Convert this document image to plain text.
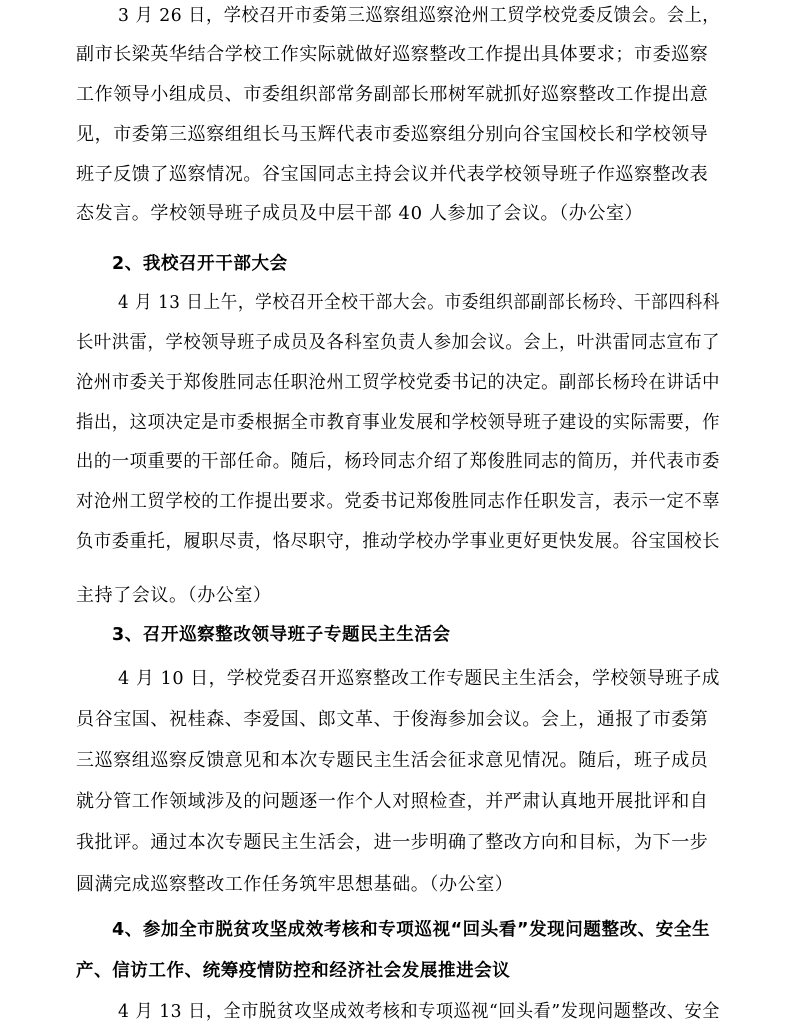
3 月 26 日，学校召开市委第三巡察组巡察沧州工贸学校党委反馈会。会上，
副市长梁英华结合学校工作实际就做好巡察整改工作提出具体要求；市委巡察
工作领导小组成员、市委组织部常务副部长邢树军就抓好巡察整改工作提出意
见，市委第三巡察组组长马玉辉代表市委巡察组分别向谷宝国校长和学校领导
班子反馈了巡察情况。谷宝国同志主持会议并代表学校领导班子作巡察整改表
态发言。学校领导班子成员及中层干部 40 人参加了会议。（办公室）
2、我校召开干部大会
4 月 13 日上午，学校召开全校干部大会。市委组织部副部长杨玲、干部四科科
长叶洪雷，学校领导班子成员及各科室负责人参加会议。会上，叶洪雷同志宣布了
沧州市委关于郑俊胜同志任职沧州工贸学校党委书记的决定。副部长杨玲在讲话中
指出，这项决定是市委根据全市教育事业发展和学校领导班子建设的实际需要，作
出的一项重要的干部任命。随后，杨玲同志介绍了郑俊胜同志的简历，并代表市委
对沧州工贸学校的工作提出要求。党委书记郑俊胜同志作任职发言，表示一定不辜
负市委重托，履职尽责，恪尽职守，推动学校办学事业更好更快发展。谷宝国校长
主持了会议。（办公室）
3、召开巡察整改领导班子专题民主生活会
4 月 10 日，学校党委召开巡察整改工作专题民主生活会，学校领导班子成
员谷宝国、祝桂森、李爱国、郎文革、于俊海参加会议。会上，通报了市委第
三巡察组巡察反馈意见和本次专题民主生活会征求意见情况。随后，班子成员
就分管工作领域涉及的问题逐一作个人对照检查，并严肃认真地开展批评和自
我批评。通过本次专题民主生活会，进一步明确了整改方向和目标，为下一步
圆满完成巡察整改工作任务筑牢思想基础。（办公室）
4、参加全市脱贫攻坚成效考核和专项巡视“回头看”发现问题整改、安全生
产、信访工作、统筹疫情防控和经济社会发展推进会议
4 月 13 日，全市脱贫攻坚成效考核和专项巡视“回头看”发现问题整改、安全
